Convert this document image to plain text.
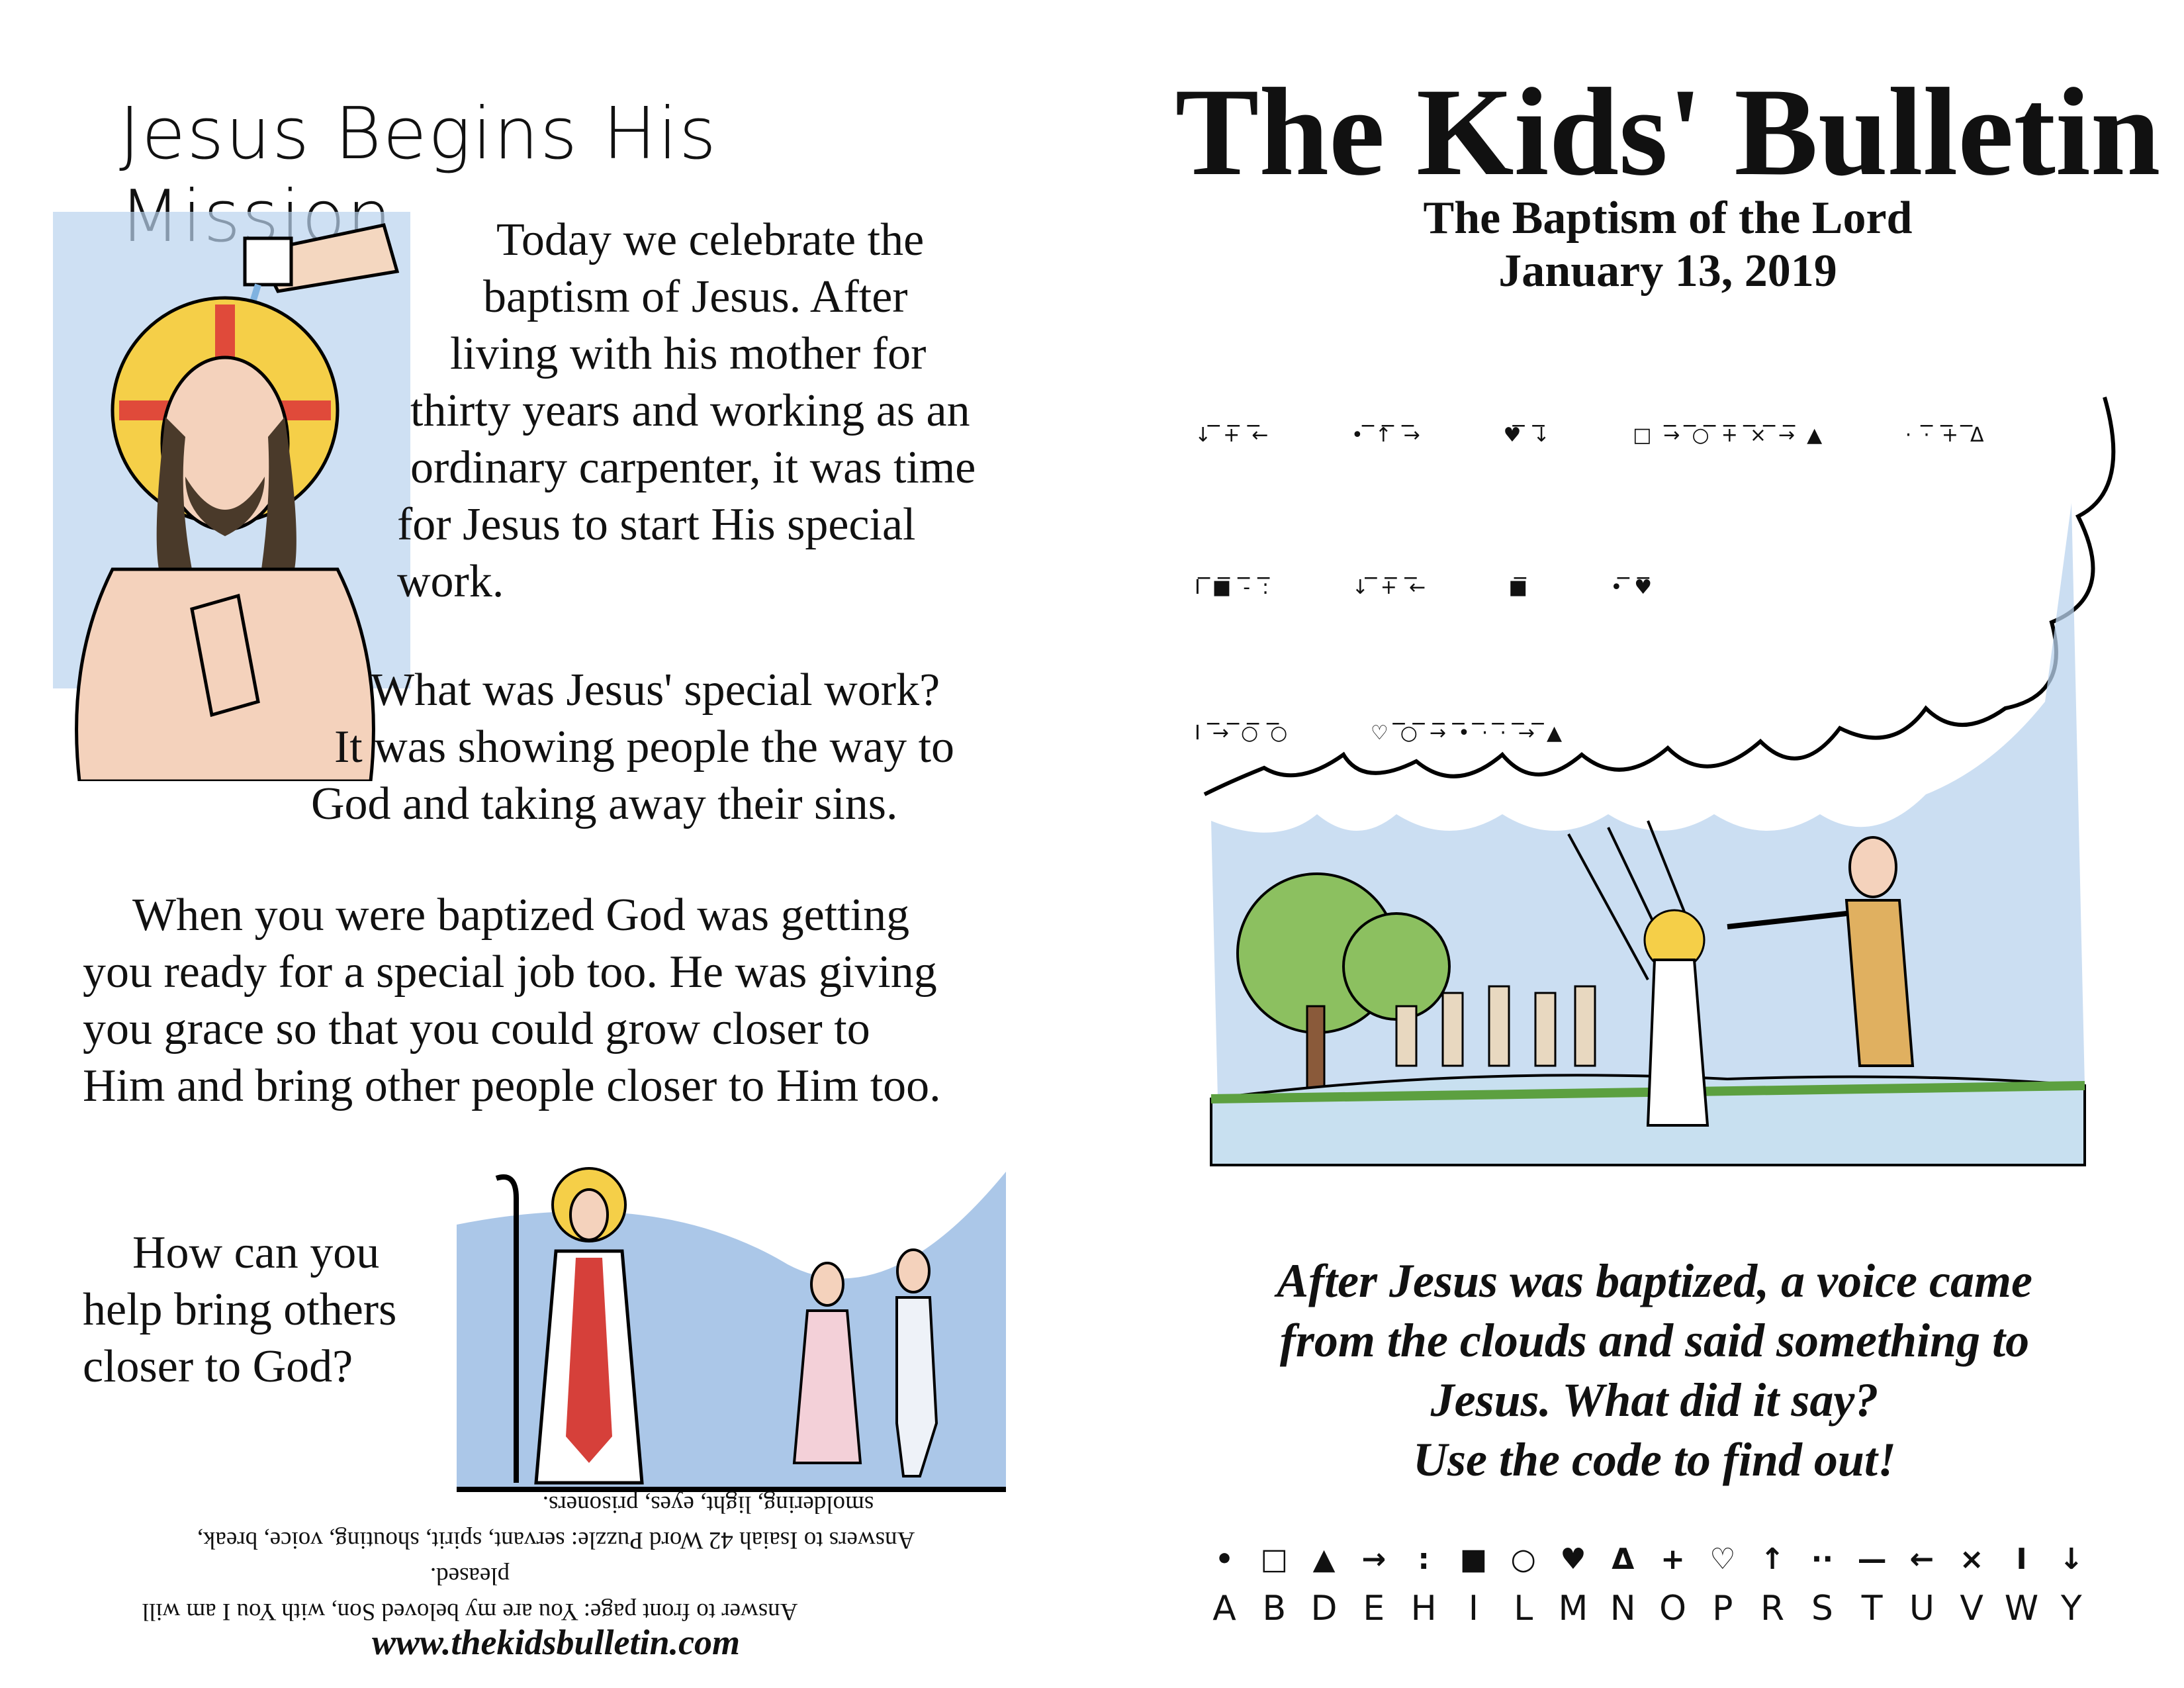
Jesus Begins His
Today we celebrate the
baptism of Jesus. After
living with his mother for
thirty years and working as an
ordinary carpenter, it was time
for Jesus to start His special
work.
What was Jesus' special work?
It was showing people the way to
God and taking away their sins.
When you were baptized God was getting
you ready for a special job too. He was giving
you grace so that you could grow closer to
Him and bring other people closer to Him too.
How can you
help bring others
closer to God?
Answer to front page: You are my beloved Son, with You I am will pleased.
Answers to Isaiah 42 Word Puzzle: servant, spirit, shouting, voice, break,
smoldering, light, eyes, prisoners.
www.thekidsbulletin.com
The Kids' Bulletin
The Baptism of the Lord
January 13, 2019
___
↓+←
___
•↑→
__
♥↓
_______
□→○+×→▲
___
··+Δ
____
I■-:
___
↓+←
_
■
__
•♥
____
I→○○
________
♡○→•··→▲
After Jesus was baptized, a voice came
from the clouds and said something to
Jesus. What did it say?
Use the code to find out!
• □ ▲ →	:	■ ○ ♥ Δ + ♡ ↑ ·· — ← ×	I	↓
A B D E H I	L M N O P R S T U V W Y
